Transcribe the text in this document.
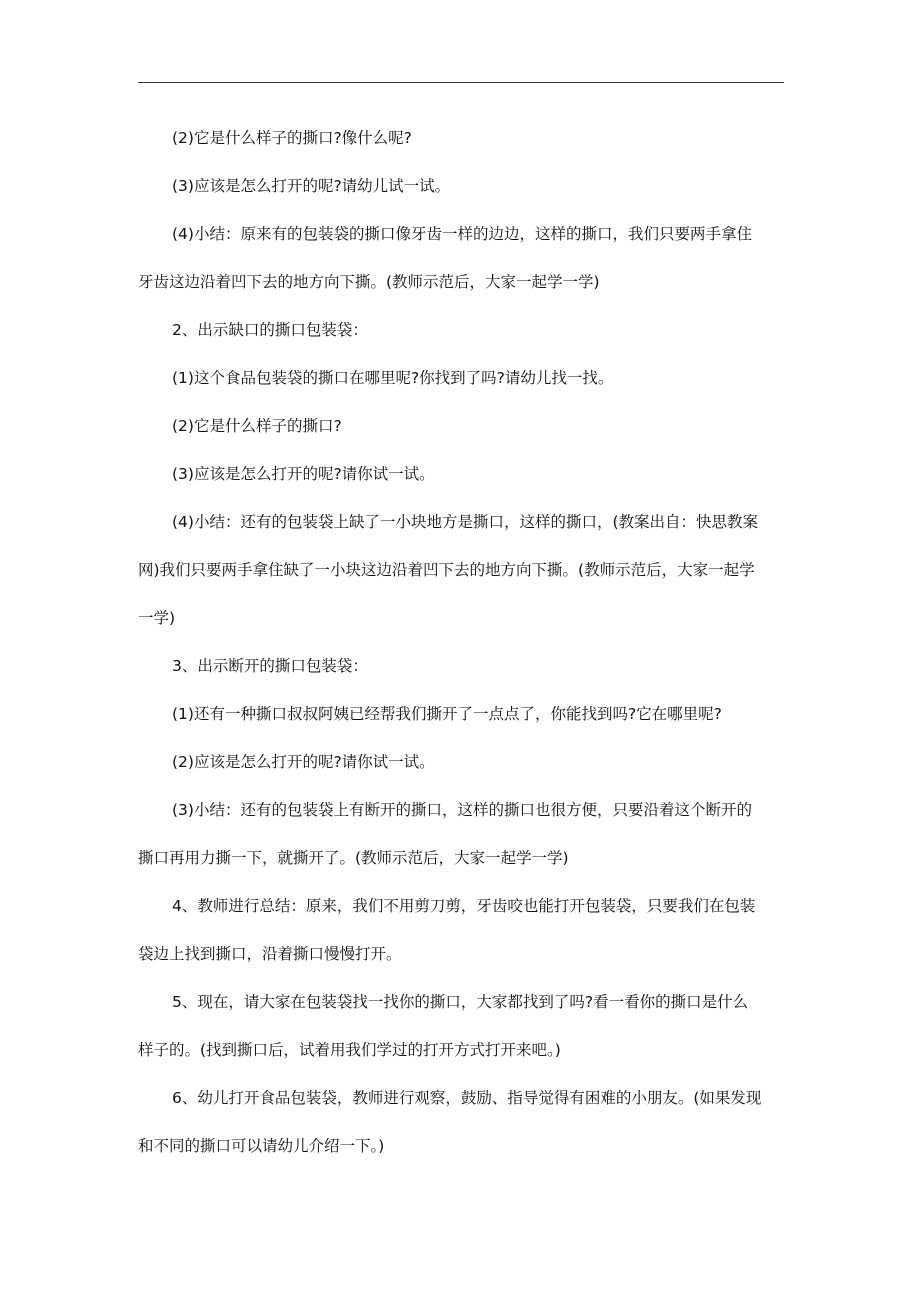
(2)它是什么样子的撕口?像什么呢?
(3)应该是怎么打开的呢?请幼儿试一试。
(4)小结：原来有的包装袋的撕口像牙齿一样的边边，这样的撕口，我们只要两手拿住
牙齿这边沿着凹下去的地方向下撕。(教师示范后，大家一起学一学)
2、出示缺口的撕口包装袋：
(1)这个食品包装袋的撕口在哪里呢?你找到了吗?请幼儿找一找。
(2)它是什么样子的撕口?
(3)应该是怎么打开的呢?请你试一试。
(4)小结：还有的包装袋上缺了一小块地方是撕口，这样的撕口，(教案出自：快思教案
网)我们只要两手拿住缺了一小块这边沿着凹下去的地方向下撕。(教师示范后，大家一起学
一学)
3、出示断开的撕口包装袋：
(1)还有一种撕口叔叔阿姨已经帮我们撕开了一点点了，你能找到吗?它在哪里呢?
(2)应该是怎么打开的呢?请你试一试。
(3)小结：还有的包装袋上有断开的撕口，这样的撕口也很方便，只要沿着这个断开的
撕口再用力撕一下，就撕开了。(教师示范后，大家一起学一学)
4、教师进行总结：原来，我们不用剪刀剪，牙齿咬也能打开包装袋，只要我们在包装
袋边上找到撕口，沿着撕口慢慢打开。
5、现在，请大家在包装袋找一找你的撕口，大家都找到了吗?看一看你的撕口是什么
样子的。(找到撕口后，试着用我们学过的打开方式打开来吧。)
6、幼儿打开食品包装袋，教师进行观察，鼓励、指导觉得有困难的小朋友。(如果发现
和不同的撕口可以请幼儿介绍一下。)
